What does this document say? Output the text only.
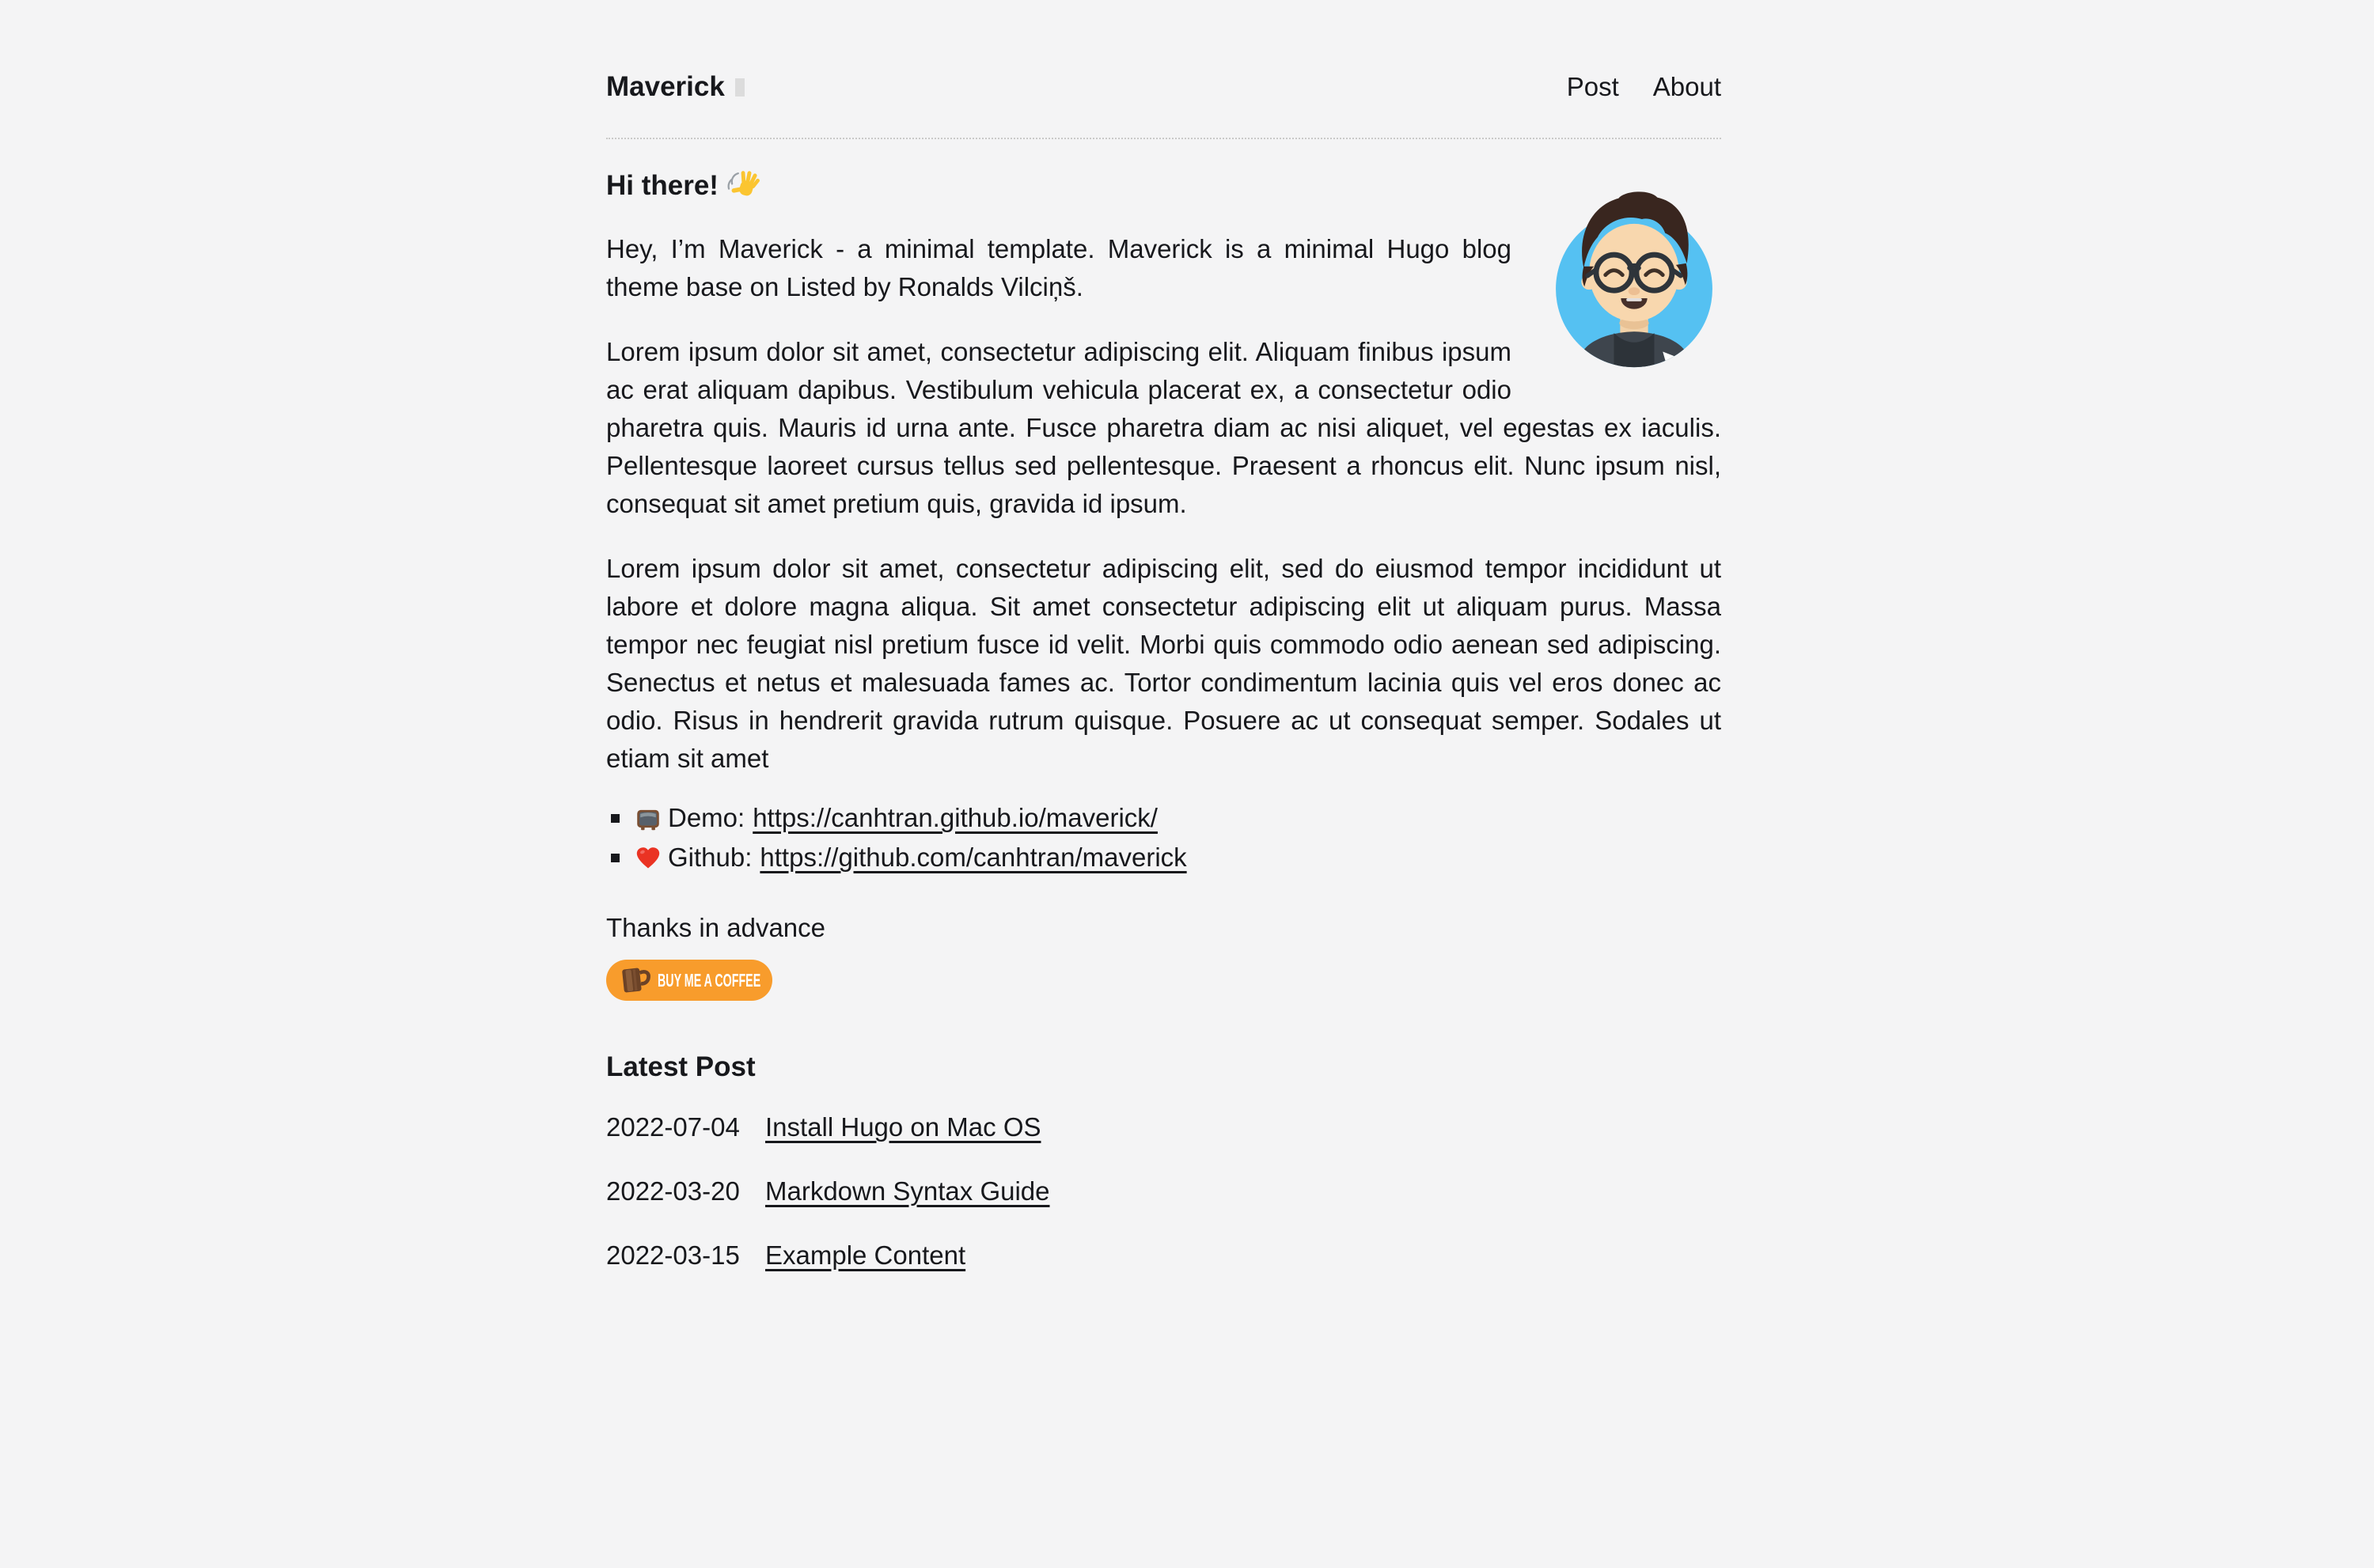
Maverick	Post About
Hi there!

Hey, I’m Maverick - a minimal template. Maverick is a minimal Hugo blog theme base on Listed by Ronalds Vilciņš.

Lorem ipsum dolor sit amet, consectetur adipiscing elit. Aliquam finibus ipsum ac erat aliquam dapibus. Vestibulum vehicula placerat ex, a consectetur odio pharetra quis. Mauris id urna ante. Fusce pharetra diam ac nisi aliquet, vel egestas ex iaculis. Pellentesque laoreet cursus tellus sed pellentesque. Praesent a rhoncus elit. Nunc ipsum nisl, consequat sit amet pretium quis, gravida id ipsum.

Lorem ipsum dolor sit amet, consectetur adipiscing elit, sed do eiusmod tempor incididunt ut labore et dolore magna aliqua. Sit amet consectetur adipiscing elit ut aliquam purus. Massa tempor nec feugiat nisl pretium fusce id velit. Morbi quis commodo odio aenean sed adipiscing. Senectus et netus et malesuada fames ac. Tortor condimentum lacinia quis vel eros donec ac odio. Risus in hendrerit gravida rutrum quisque. Posuere ac ut consequat semper. Sodales ut etiam sit amet

Demo: https://canhtran.github.io/maverick/
Github: https://github.com/canhtran/maverick

Thanks in advance

BUY ME A COFFEE
Latest Post
2022-07-04 Install Hugo on Mac OS
2022-03-20 Markdown Syntax Guide
2022-03-15 Example Content
